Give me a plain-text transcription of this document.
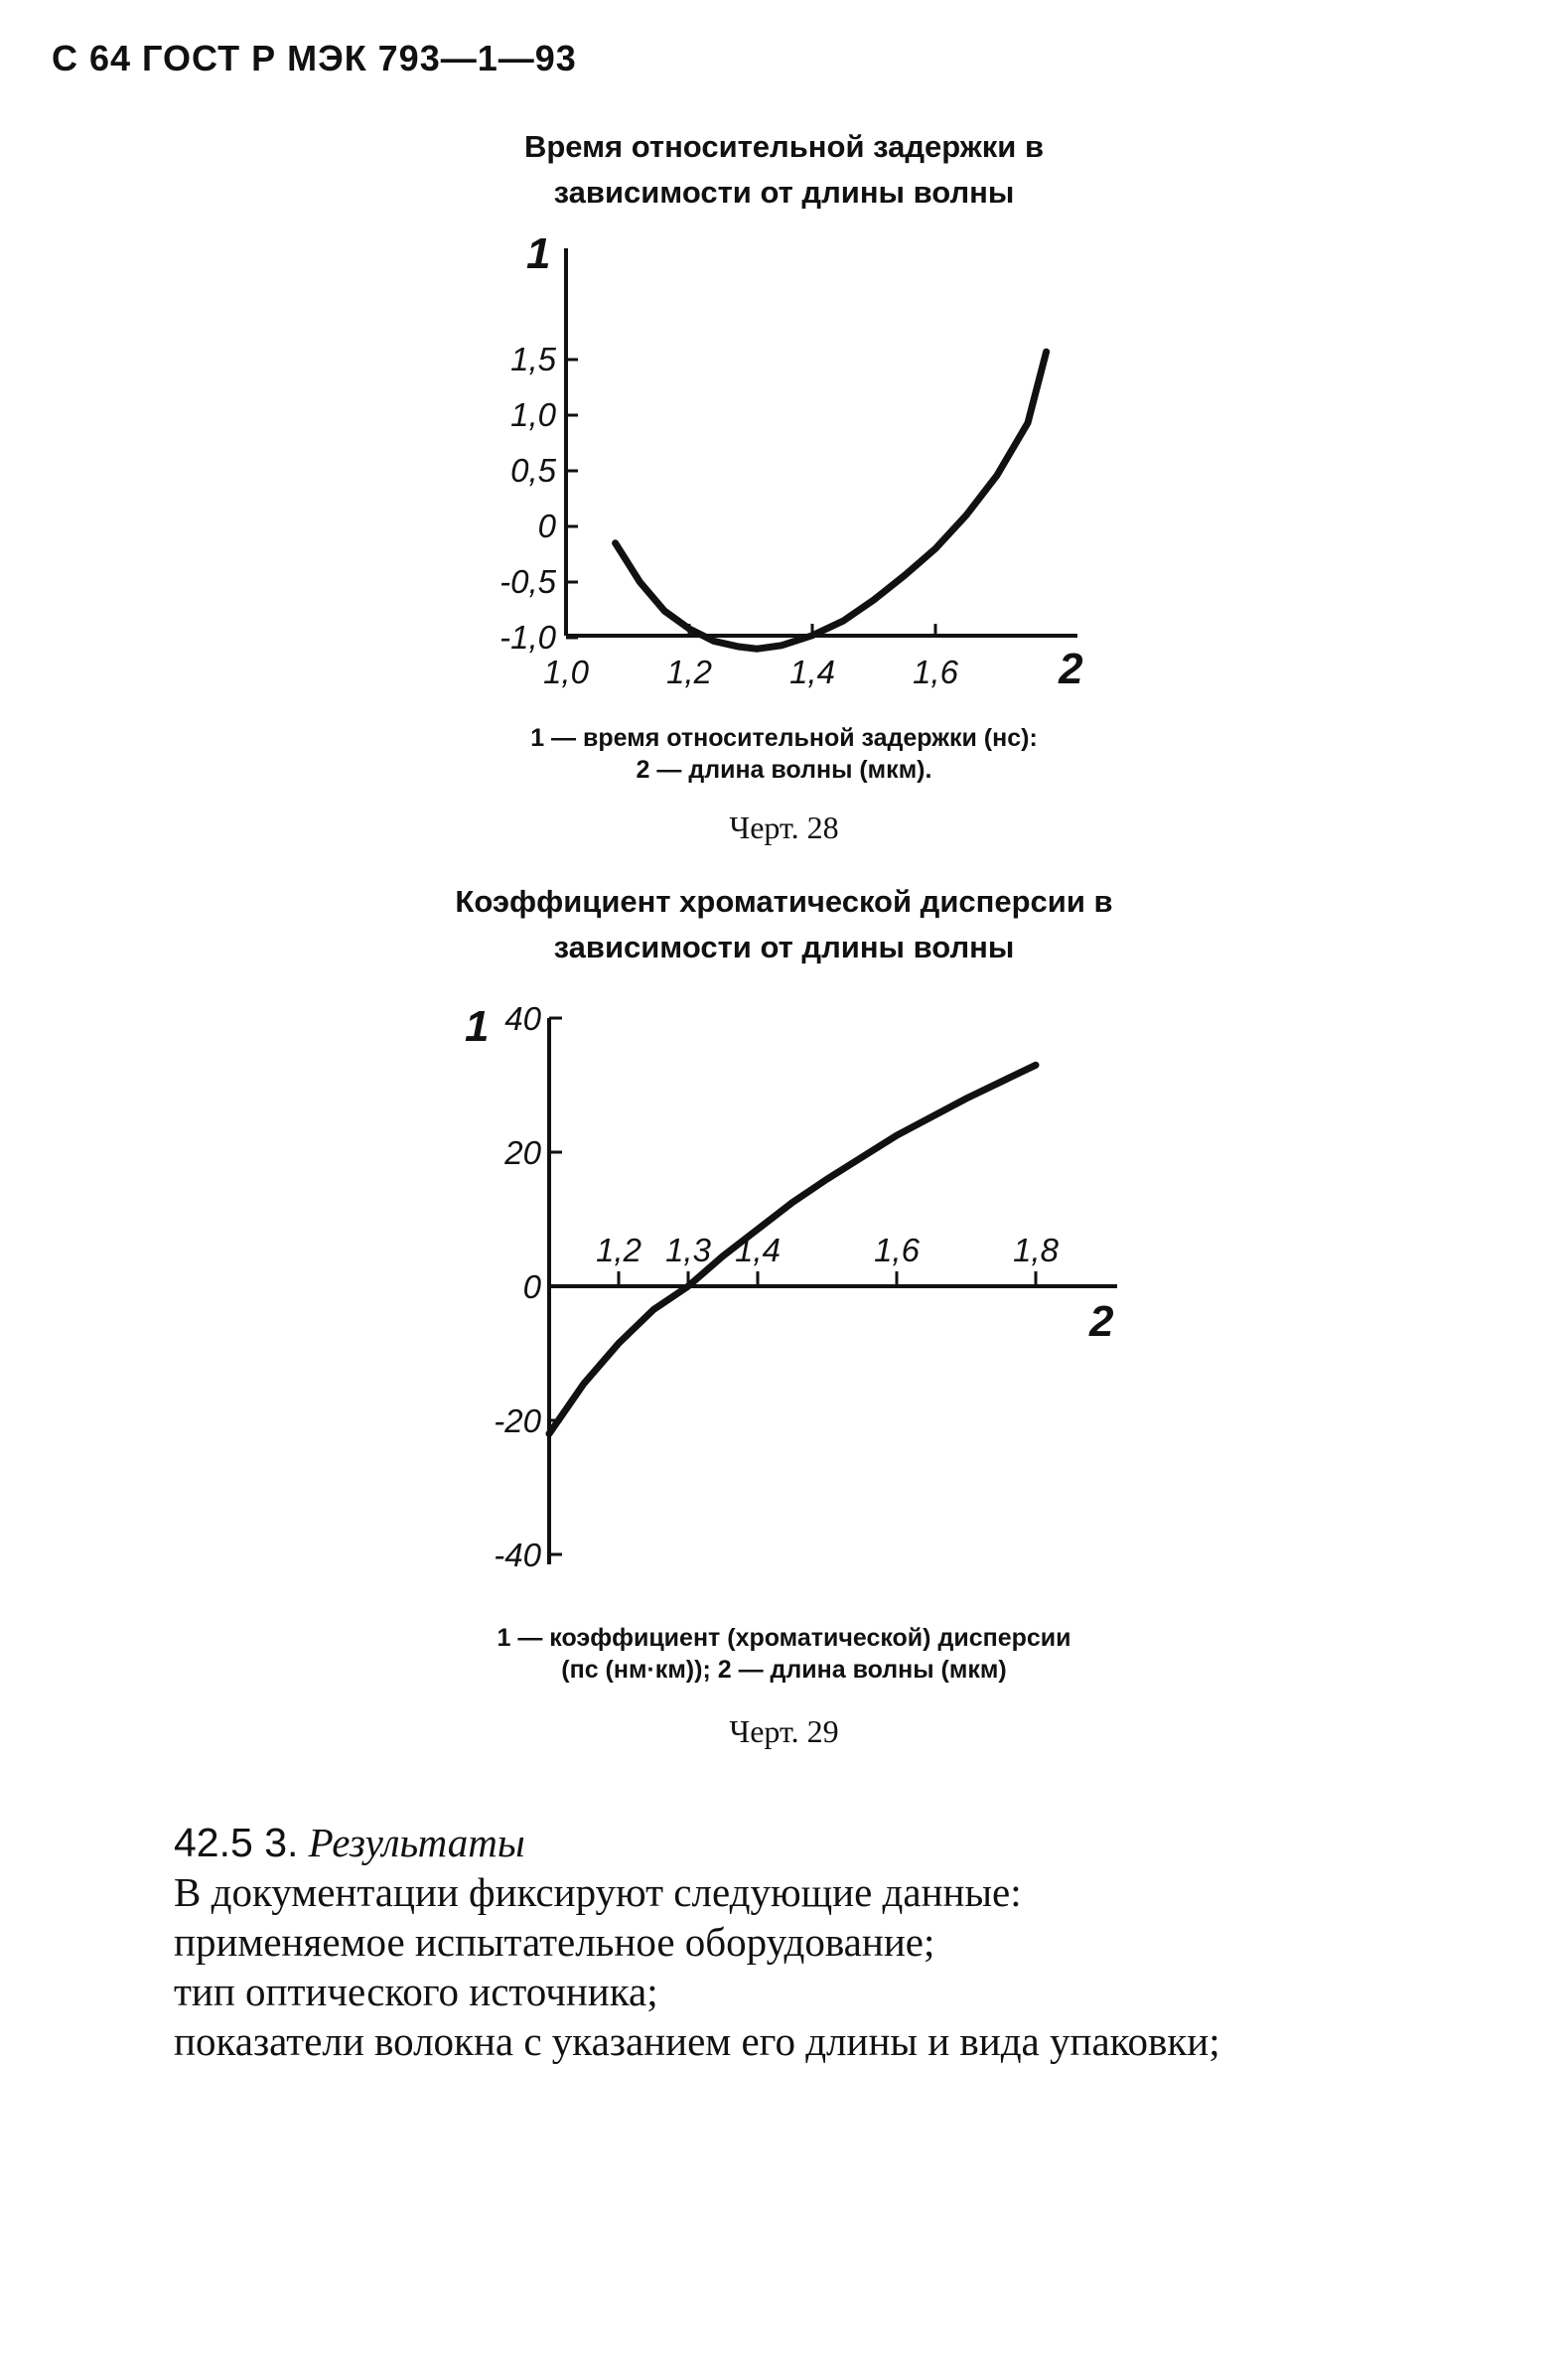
С 64 ГОСТ Р МЭК 793—1—93
Время относительной задержки в
зависимости от длины волны
1,5
1,0
0,5
0
-0,5
-1,0
1,0 1,2 1,4 1,6 2
1
1 — время относительной задержки (нс):
2 — длина волны (мкм).
Черт. 28
Коэффициент хроматической дисперсии в
зависимости от длины волны
40
20
0
-20
-40
1,2 1,3 1,4	1,6	1,8
1
2
1 — коэффициент (хроматической) дисперсии
(пс (нм·км)); 2 — длина волны (мкм)
Черт. 29

42.5 3. Результаты

В документации фиксируют следующие данные:

применяемое испытательное оборудование;

тип оптического источника;

показатели волокна с указанием его длины и вида упаковки;
